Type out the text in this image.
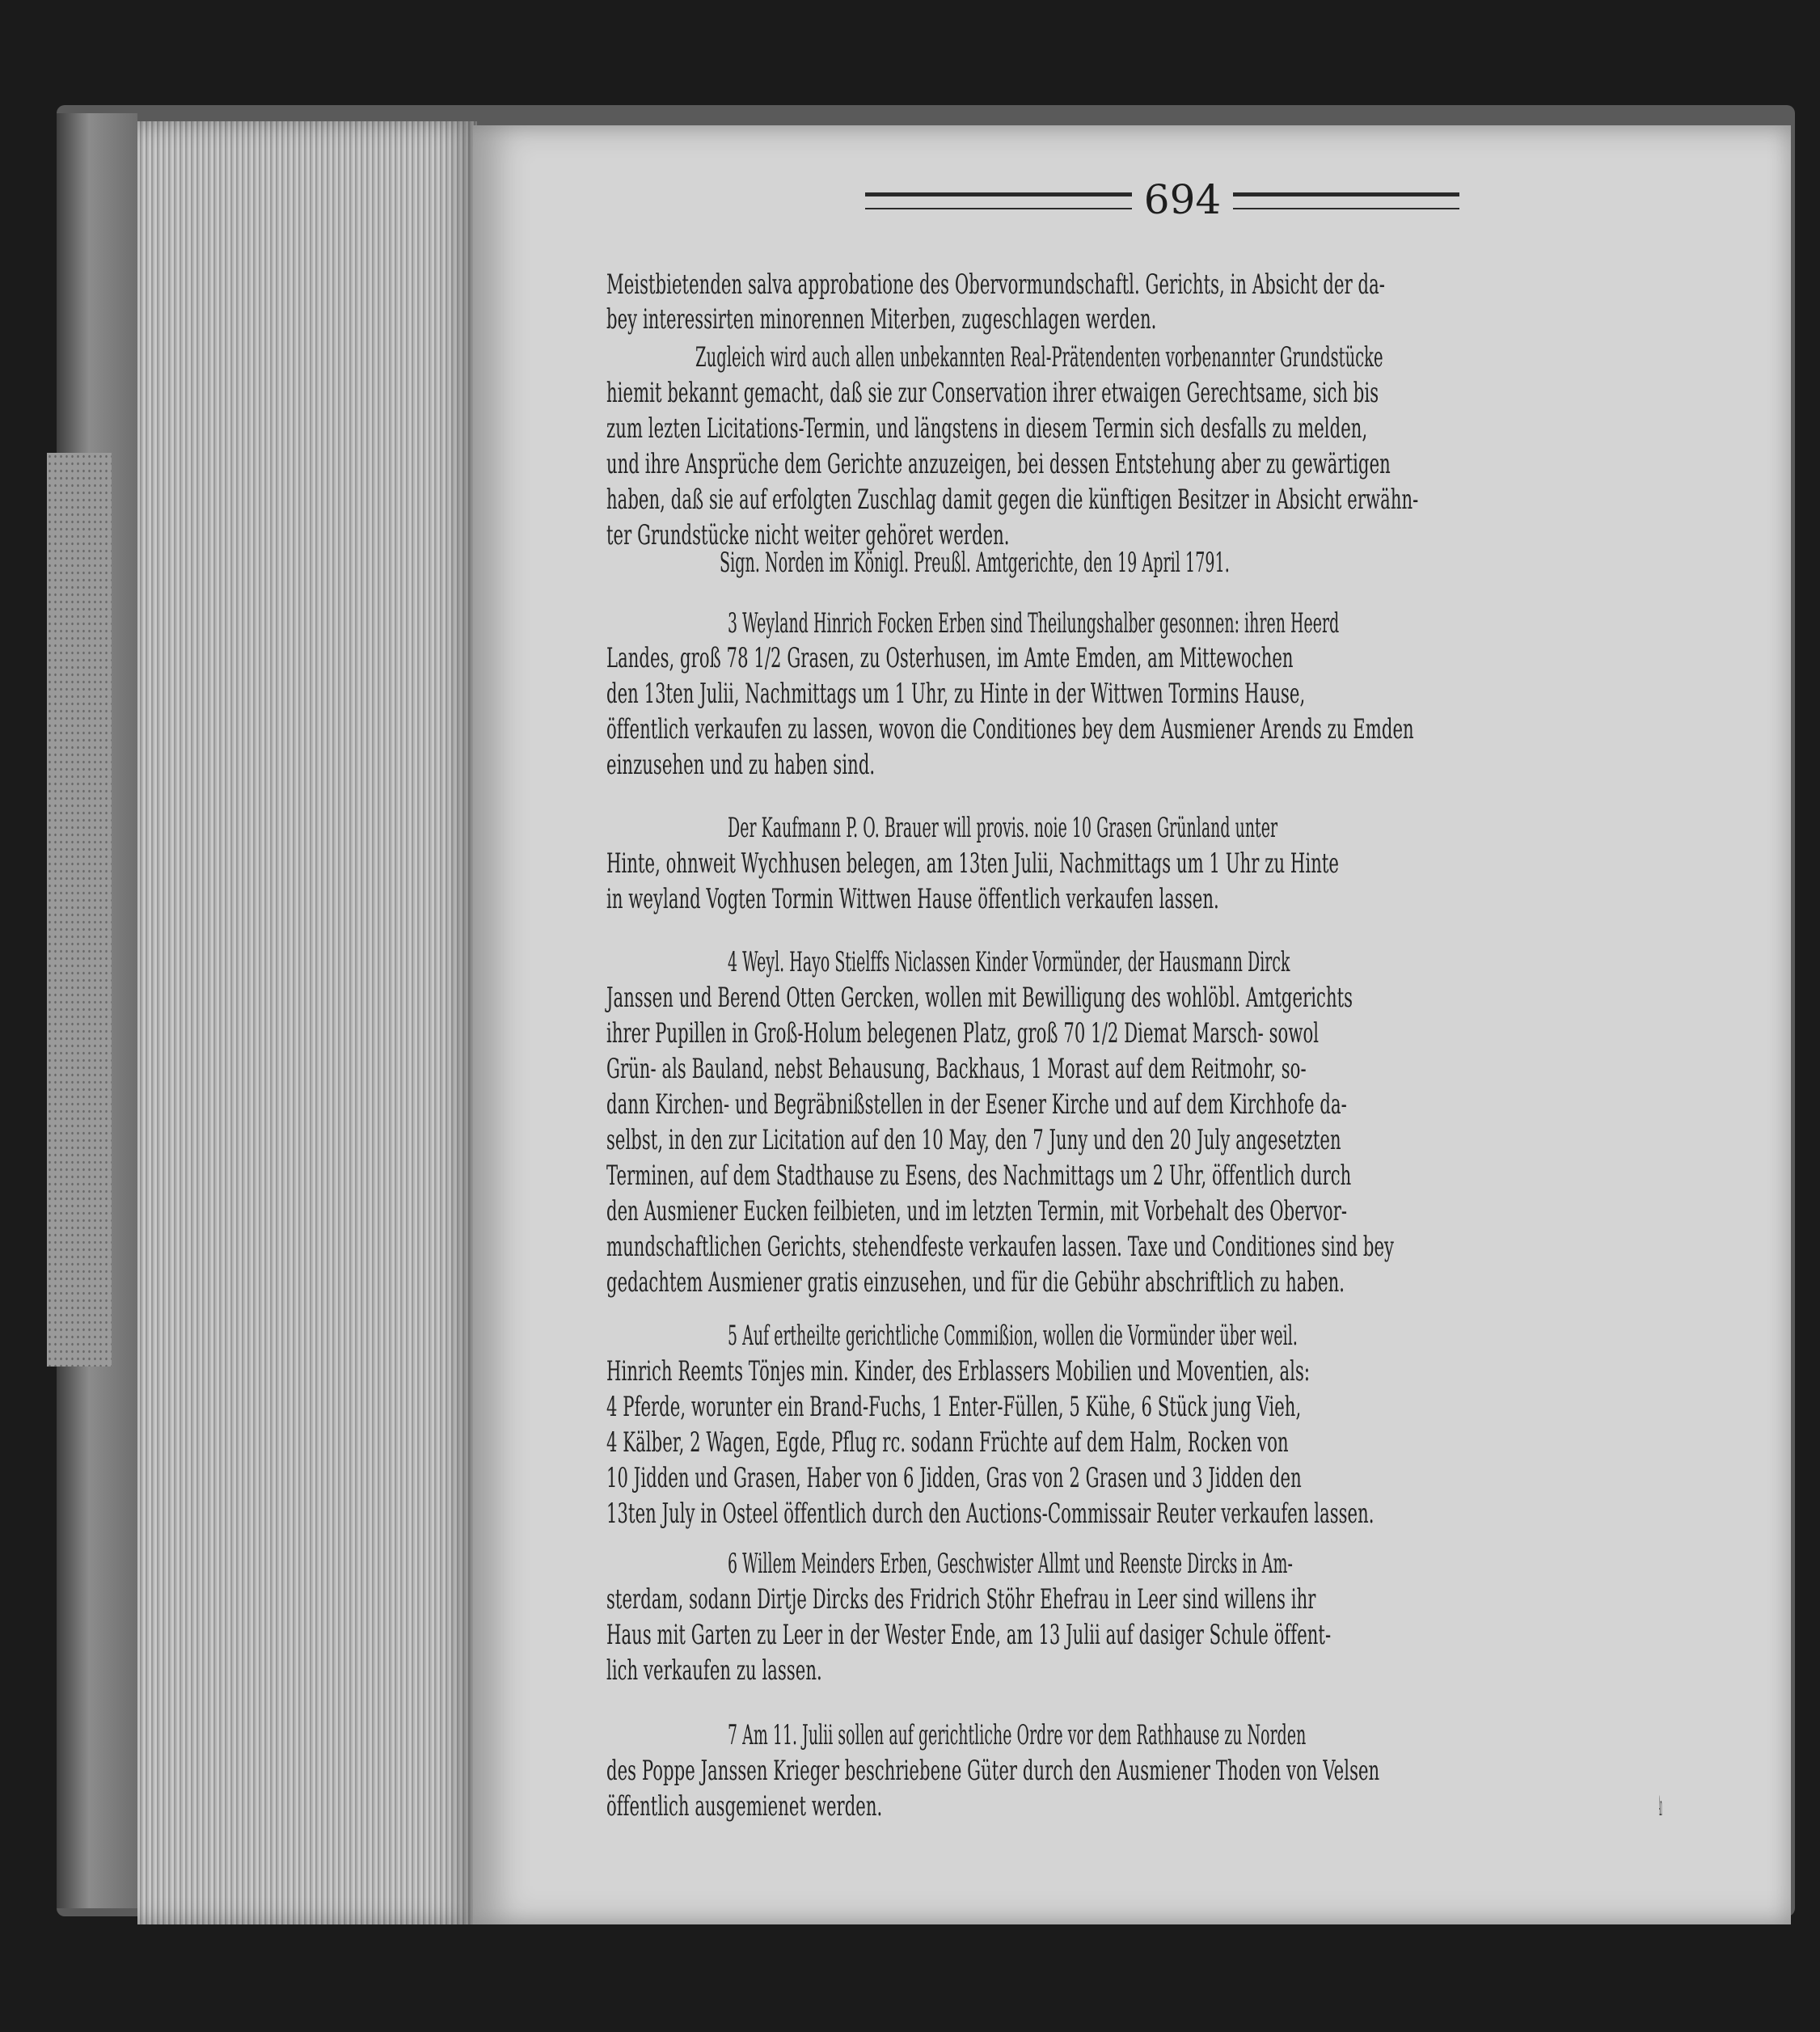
694

Meistbietenden salva approbatione des Obervormundschaftl. Gerichts, in Absicht der da-

bey interessirten minorennen Miterben, zugeschlagen werden.

Zugleich wird auch allen unbekannten Real-Prätendenten vorbenannter Grundstücke

hiemit bekannt gemacht, daß sie zur Conservation ihrer etwaigen Gerechtsame, sich bis

zum lezten Licitations-Termin, und längstens in diesem Termin sich desfalls zu melden,

und ihre Ansprüche dem Gerichte anzuzeigen, bei dessen Entstehung aber zu gewärtigen

haben, daß sie auf erfolgten Zuschlag damit gegen die künftigen Besitzer in Absicht erwähn-

ter Grundstücke nicht weiter gehöret werden.

Sign. Norden im Königl. Preußl. Amtgerichte, den 19 April 1791.

3 Weyland Hinrich Focken Erben sind Theilungshalber gesonnen: ihren Heerd

Landes, groß 78 1/2 Grasen, zu Osterhusen, im Amte Emden, am Mittewochen

den 13ten Julii, Nachmittags um 1 Uhr, zu Hinte in der Wittwen Tormins Hause,

öffentlich verkaufen zu lassen, wovon die Conditiones bey dem Ausmiener Arends zu Emden

einzusehen und zu haben sind.

Der Kaufmann P. O. Brauer will provis. noie 10 Grasen Grünland unter

Hinte, ohnweit Wychhusen belegen, am 13ten Julii, Nachmittags um 1 Uhr zu Hinte

in weyland Vogten Tormin Wittwen Hause öffentlich verkaufen lassen.

4 Weyl. Hayo Stielffs Niclassen Kinder Vormünder, der Hausmann Dirck

Janssen und Berend Otten Gercken, wollen mit Bewilligung des wohlöbl. Amtgerichts

ihrer Pupillen in Groß-Holum belegenen Platz, groß 70 1/2 Diemat Marsch- sowol

Grün- als Bauland, nebst Behausung, Backhaus, 1 Morast auf dem Reitmohr, so-

dann Kirchen- und Begräbnißstellen in der Esener Kirche und auf dem Kirchhofe da-

selbst, in den zur Licitation auf den 10 May, den 7 Juny und den 20 July angesetzten

Terminen, auf dem Stadthause zu Esens, des Nachmittags um 2 Uhr, öffentlich durch

den Ausmiener Eucken feilbieten, und im letzten Termin, mit Vorbehalt des Obervor-

mundschaftlichen Gerichts, stehendfeste verkaufen lassen. Taxe und Conditiones sind bey

gedachtem Ausmiener gratis einzusehen, und für die Gebühr abschriftlich zu haben.

5 Auf ertheilte gerichtliche Commißion, wollen die Vormünder über weil.

Hinrich Reemts Tönjes min. Kinder, des Erblassers Mobilien und Moventien, als:

4 Pferde, worunter ein Brand-Fuchs, 1 Enter-Füllen, 5 Kühe, 6 Stück jung Vieh,

4 Kälber, 2 Wagen, Egde, Pflug rc. sodann Früchte auf dem Halm, Rocken von

10 Jidden und Grasen, Haber von 6 Jidden, Gras von 2 Grasen und 3 Jidden den

13ten July in Osteel öffentlich durch den Auctions-Commissair Reuter verkaufen lassen.

6 Willem Meinders Erben, Geschwister Allmt und Reenste Dircks in Am-

sterdam, sodann Dirtje Dircks des Fridrich Stöhr Ehefrau in Leer sind willens ihr

Haus mit Garten zu Leer in der Wester Ende, am 13 Julii auf dasiger Schule öffent-

lich verkaufen zu lassen.

7 Am 11. Julii sollen auf gerichtliche Ordre vor dem Rathhause zu Norden

des Poppe Janssen Krieger beschriebene Güter durch den Ausmiener Thoden von Velsen

öffentlich ausgemienet werden.	Am
